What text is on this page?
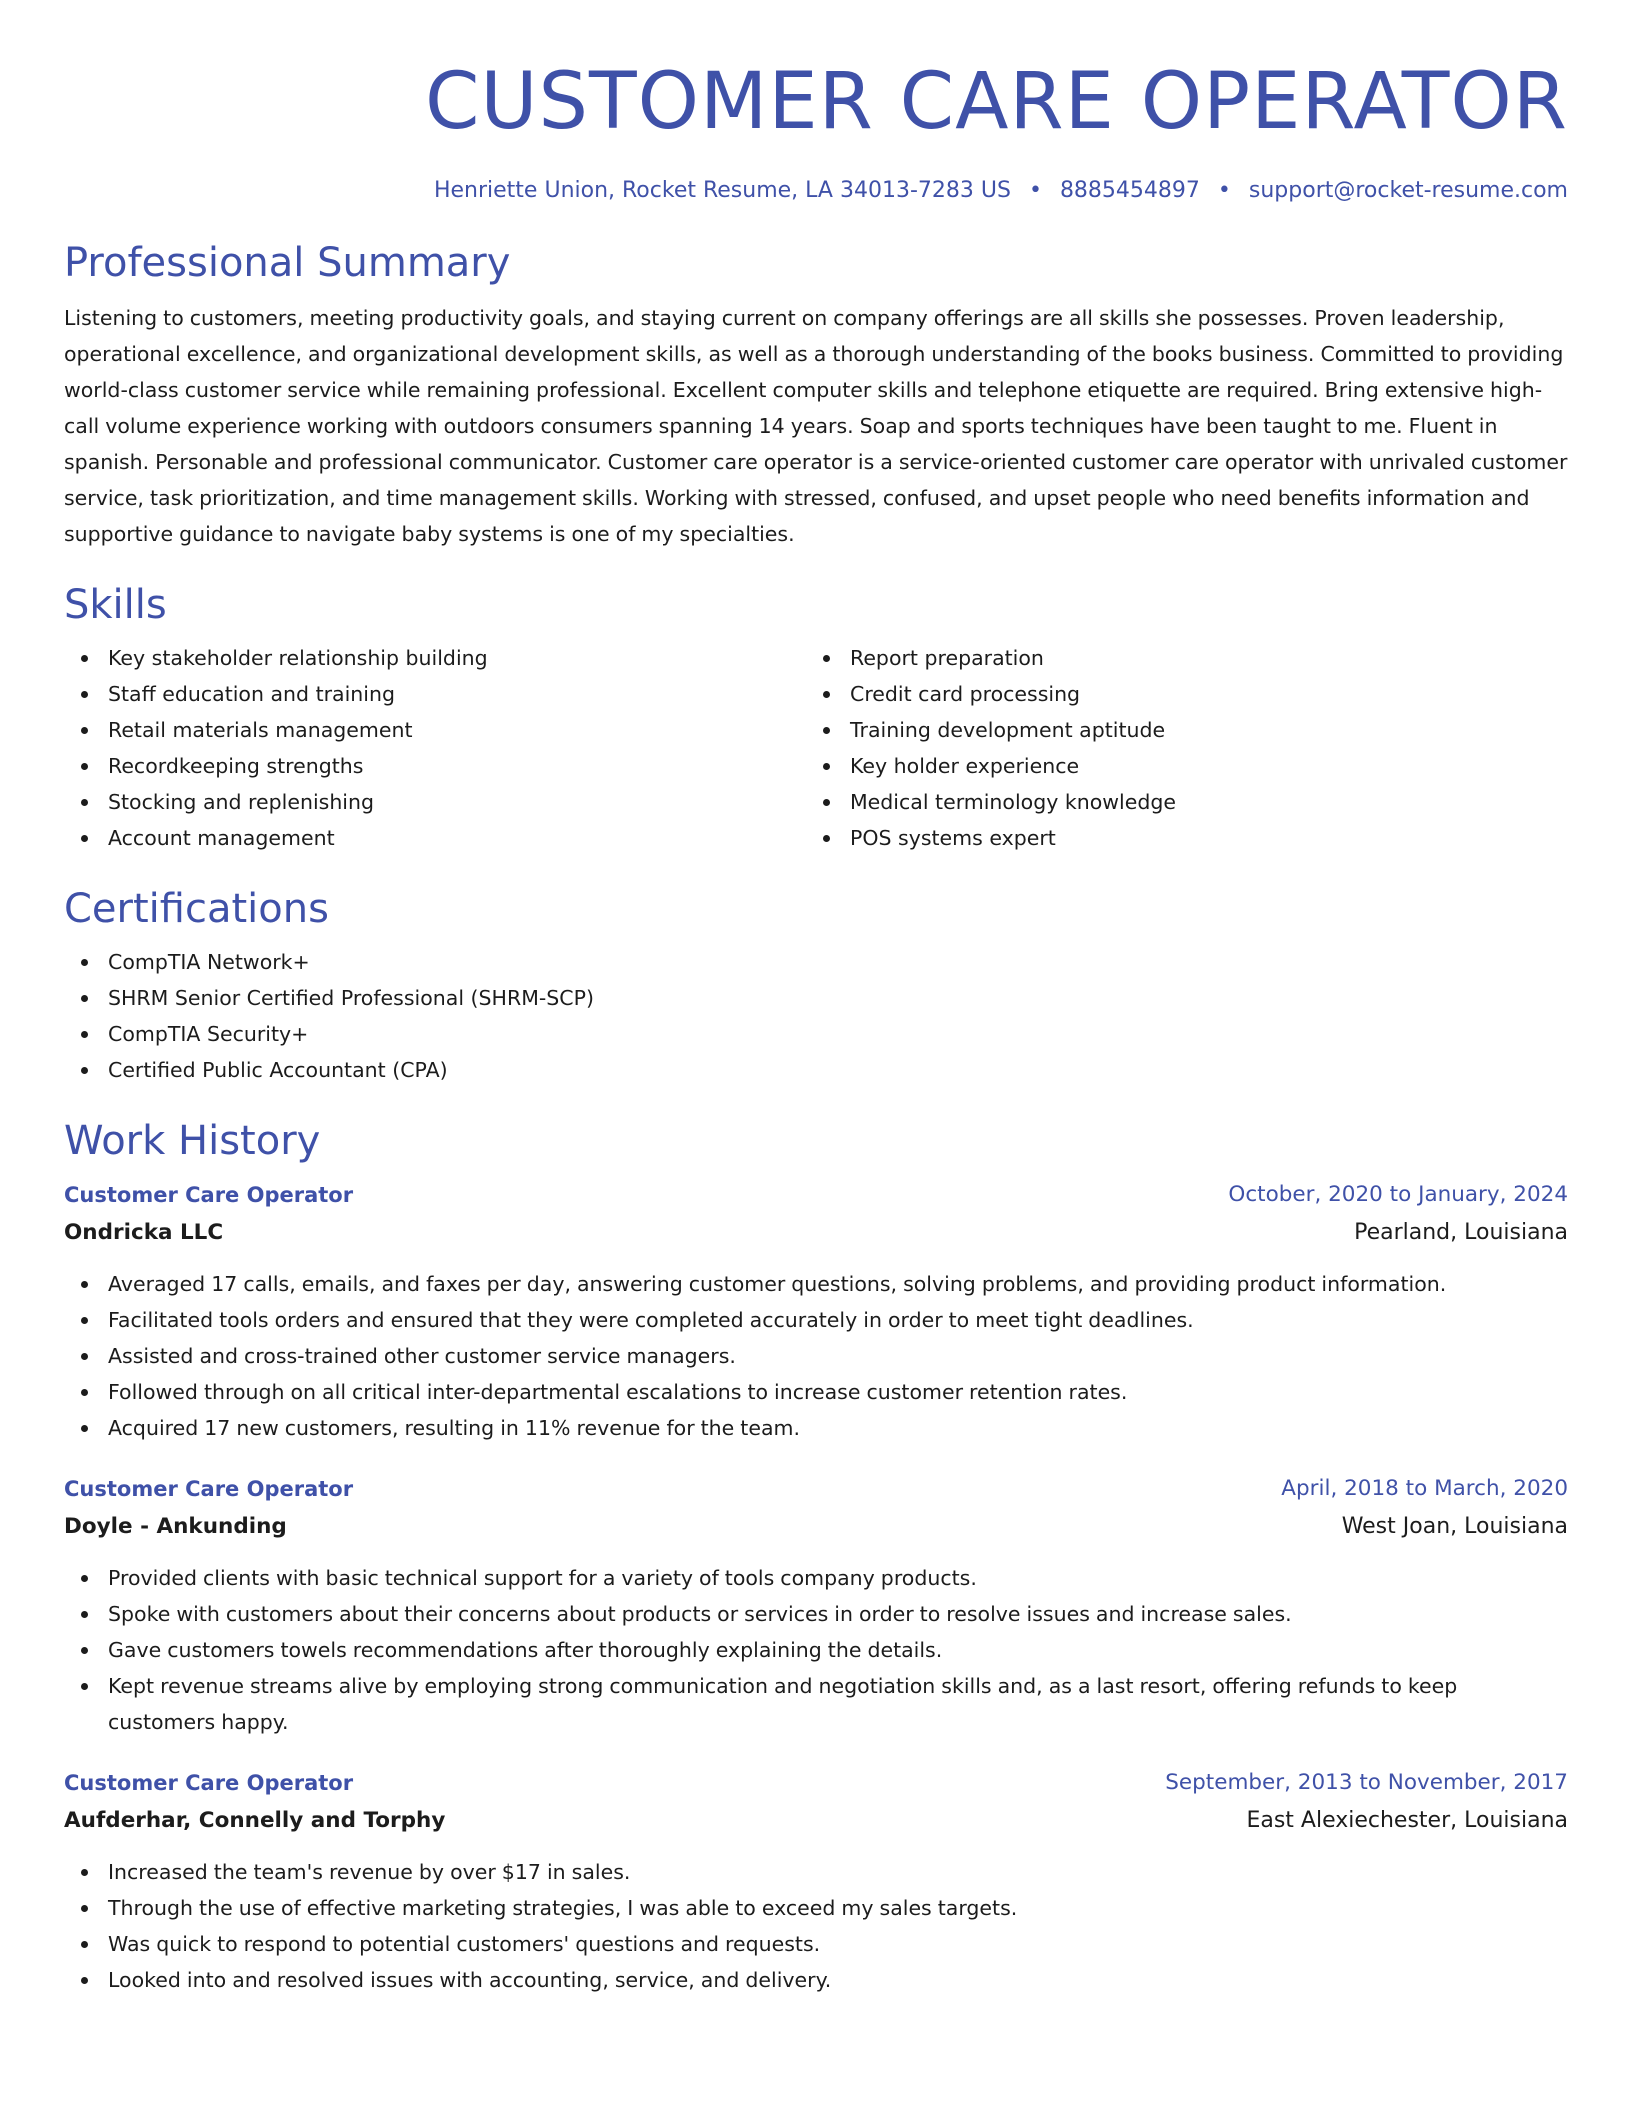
CUSTOMER CARE OPERATOR
Henriette Union, Rocket Resume, LA 34013-7283 US • 8885454897 • support@rocket-resume.com
Professional Summary

Listening to customers, meeting productivity goals, and staying current on company offerings are all skills she possesses. Proven leadership, operational excellence, and organizational development skills, as well as a thorough understanding of the books business. Committed to providing world-class customer service while remaining professional. Excellent computer skills and telephone etiquette are required. Bring extensive high-call volume experience working with outdoors consumers spanning 14 years. Soap and sports techniques have been taught to me. Fluent in spanish. Personable and professional communicator. Customer care operator is a service-oriented customer care operator with unrivaled customer service, task prioritization, and time management skills. Working with stressed, confused, and upset people who need benefits information and supportive guidance to navigate baby systems is one of my specialties.

Skills
Key stakeholder relationship building
Staff education and training
Retail materials management
Recordkeeping strengths
Stocking and replenishing
Account management
Report preparation
Credit card processing
Training development aptitude
Key holder experience
Medical terminology knowledge
POS systems expert
Certifications
CompTIA Network+
SHRM Senior Certified Professional (SHRM-SCP)
CompTIA Security+
Certified Public Accountant (CPA)
Work History
Customer Care Operator	October, 2020 to January, 2024
Ondricka LLC	Pearland, Louisiana
Averaged 17 calls, emails, and faxes per day, answering customer questions, solving problems, and providing product information.
Facilitated tools orders and ensured that they were completed accurately in order to meet tight deadlines.
Assisted and cross-trained other customer service managers.
Followed through on all critical inter-departmental escalations to increase customer retention rates.
Acquired 17 new customers, resulting in 11% revenue for the team.
Customer Care Operator	April, 2018 to March, 2020
Doyle - Ankunding	West Joan, Louisiana
Provided clients with basic technical support for a variety of tools company products.
Spoke with customers about their concerns about products or services in order to resolve issues and increase sales.
Gave customers towels recommendations after thoroughly explaining the details.
Kept revenue streams alive by employing strong communication and negotiation skills and, as a last resort, offering refunds to keep customers happy.
Customer Care Operator	September, 2013 to November, 2017
Aufderhar, Connelly and Torphy	East Alexiechester, Louisiana
Increased the team's revenue by over $17 in sales.
Through the use of effective marketing strategies, I was able to exceed my sales targets.
Was quick to respond to potential customers' questions and requests.
Looked into and resolved issues with accounting, service, and delivery.
